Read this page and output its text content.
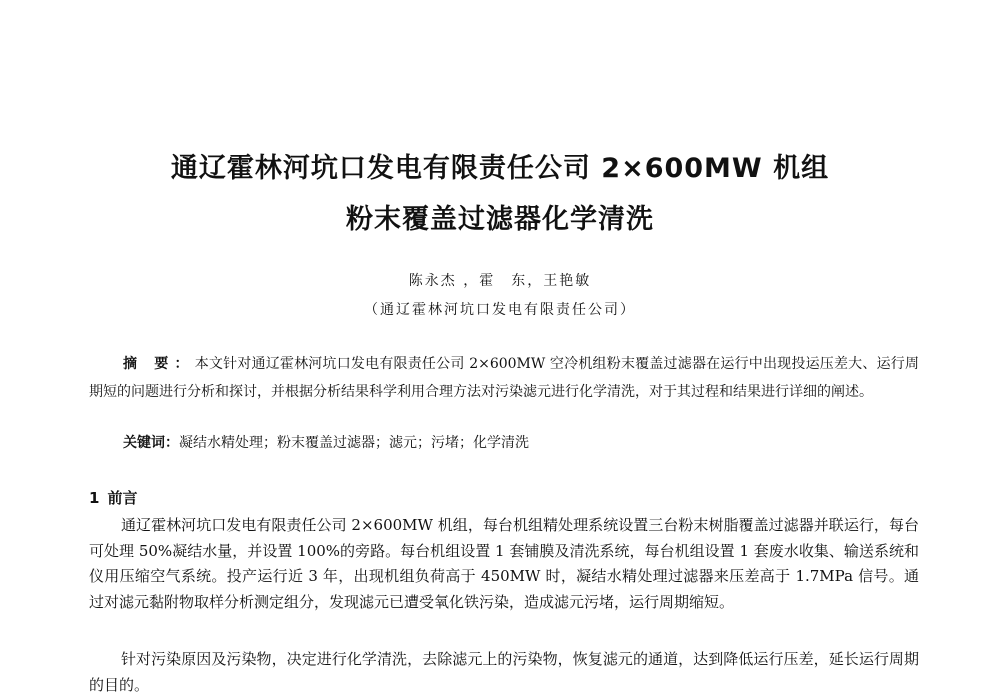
通辽霍林河坑口发电有限责任公司 2×600MW 机组
粉末覆盖过滤器化学清洗
陈永杰 ，霍　东，王艳敏
（通辽霍林河坑口发电有限责任公司）
摘 要：本文针对通辽霍林河坑口发电有限责任公司 2×600MW 空冷机组粉末覆盖过滤器在运行中出现投运压差大、运行周期短的问题进行分析和探讨，并根据分析结果科学利用合理方法对污染滤元进行化学清洗，对于其过程和结果进行详细的阐述。
关键词：凝结水精处理；粉末覆盖过滤器；滤元；污堵；化学清洗
1 前言
通辽霍林河坑口发电有限责任公司 2×600MW 机组，每台机组精处理系统设置三台粉末树脂覆盖过滤器并联运行，每台可处理 50%凝结水量，并设置 100%的旁路。每台机组设置 1 套铺膜及清洗系统，每台机组设置 1 套废水收集、输送系统和仪用压缩空气系统。投产运行近 3 年，出现机组负荷高于 450MW 时，凝结水精处理过滤器来压差高于 1.7MPa 信号。通过对滤元黏附物取样分析测定组分，发现滤元已遭受氧化铁污染，造成滤元污堵，运行周期缩短。
针对污染原因及污染物，决定进行化学清洗，去除滤元上的污染物，恢复滤元的通道，达到降低运行压差，延长运行周期的目的。
